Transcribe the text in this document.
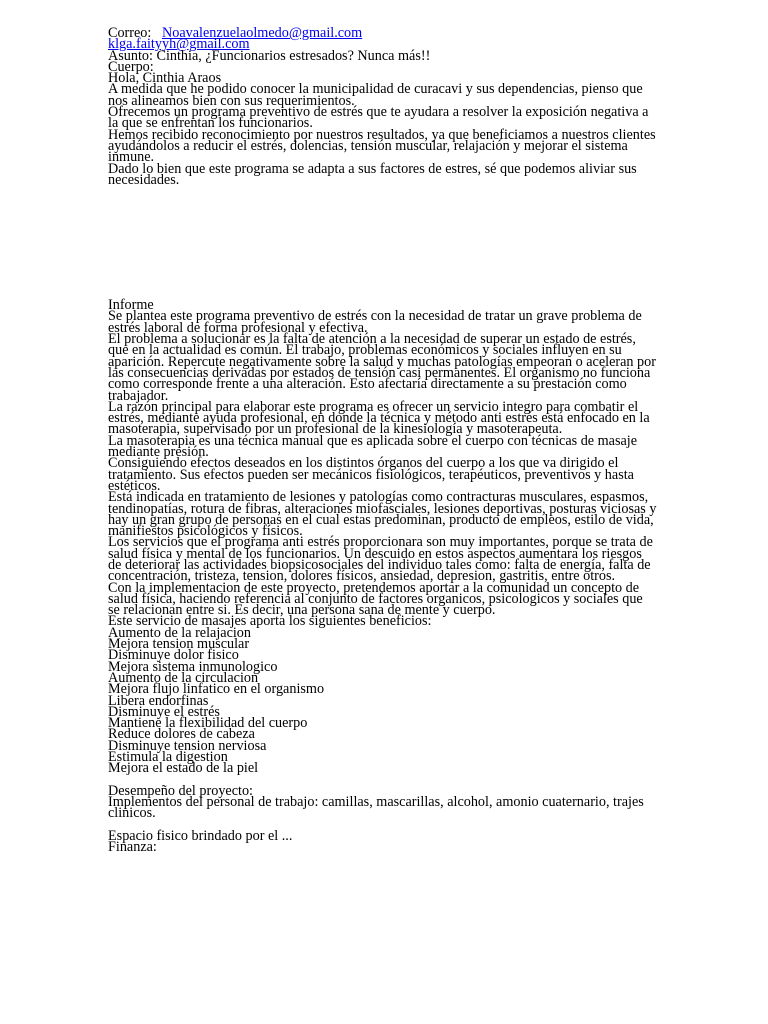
Correo: Noavalenzuelaolmedo@gmail.com
klga.faityyh@gmail.com
Asunto: Cinthia, ¿Funcionarios estresados? Nunca más!!
Cuerpo:
Hola, Cinthia Araos
A medida que he podido conocer la municipalidad de curacavi y sus dependencias, pienso que nos alineamos bien con sus requerimientos.
Ofrecemos un programa preventivo de estrés que te ayudara a resolver la exposición negativa a la que se enfrentan los funcionarios.
Hemos recibido reconocimiento por nuestros resultados, ya que beneficiamos a nuestros clientes ayudándolos a reducir el estrés, dolencias, tensión muscular, relajación y mejorar el sistema inmune.
Dado lo bien que este programa se adapta a sus factores de estres, sé que podemos aliviar sus necesidades.
Informe
Se plantea este programa preventivo de estrés con la necesidad de tratar un grave problema de estrés laboral de forma profesional y efectiva.
El problema a solucionar es la falta de atención a la necesidad de superar un estado de estrés, que en la actualidad es común. El trabajo, problemas económicos y sociales influyen en su aparición. Repercute negativamente sobre la salud y muchas patologías empeoran o aceleran por las consecuencias derivadas por estados de tensión casi permanentes. El organismo no funciona como corresponde frente a una alteración. Esto afectaría directamente a su prestación como trabajador.
La razón principal para elaborar este programa es ofrecer un servicio integro para combatir el estrés, mediante ayuda profesional, en donde la técnica y método anti estrés está enfocado en la masoterapia, supervisado por un profesional de la kinesiología y masoterapeuta.
La masoterapia es una técnica manual que es aplicada sobre el cuerpo con técnicas de masaje mediante presión.
Consiguiendo efectos deseados en los distintos órganos del cuerpo a los que va dirigido el tratamiento. Sus efectos pueden ser mecánicos fisiológicos, terapéuticos, preventivos y hasta estéticos.
Está indicada en tratamiento de lesiones y patologías como contracturas musculares, espasmos, tendinopatías, rotura de fibras, alteraciones miofasciales, lesiones deportivas, posturas viciosas y hay un gran grupo de personas en el cual estas predominan, producto de empleos, estilo de vida, manifiestos psicológicos y físicos.
Los servicios que el programa anti estrés proporcionara son muy importantes, porque se trata de salud física y mental de los funcionarios. Un descuido en estos aspectos aumentara los riesgos de deteriorar las actividades biopsicosociales del individuo tales como: falta de energía, falta de concentración, tristeza, tension, dolores físicos, ansiedad, depresion, gastritis, entre otros.
Con la implementacion de este proyecto, pretendemos aportar a la comunidad un concepto de salud física, haciendo referencia al conjunto de factores organicos, psicologicos y sociales que se relacionan entre si. Es decir, una persona sana de mente y cuerpo.
Este servicio de masajes aporta los siguientes beneficios:
Aumento de la relajacion
Mejora tension muscular
Disminuye dolor fisico
Mejora sistema inmunologico
Aumento de la circulacion
Mejora flujo linfatico en el organismo
Libera endorfinas
Disminuye el estrés
Mantiene la flexibilidad del cuerpo
Reduce dolores de cabeza
Disminuye tension nerviosa
Estimula la digestion
Mejora el estado de la piel
Desempeño del proyecto:
Implementos del personal de trabajo: camillas, mascarillas, alcohol, amonio cuaternario, trajes clinicos.
Espacio fisico brindado por el ...
Finanza:
